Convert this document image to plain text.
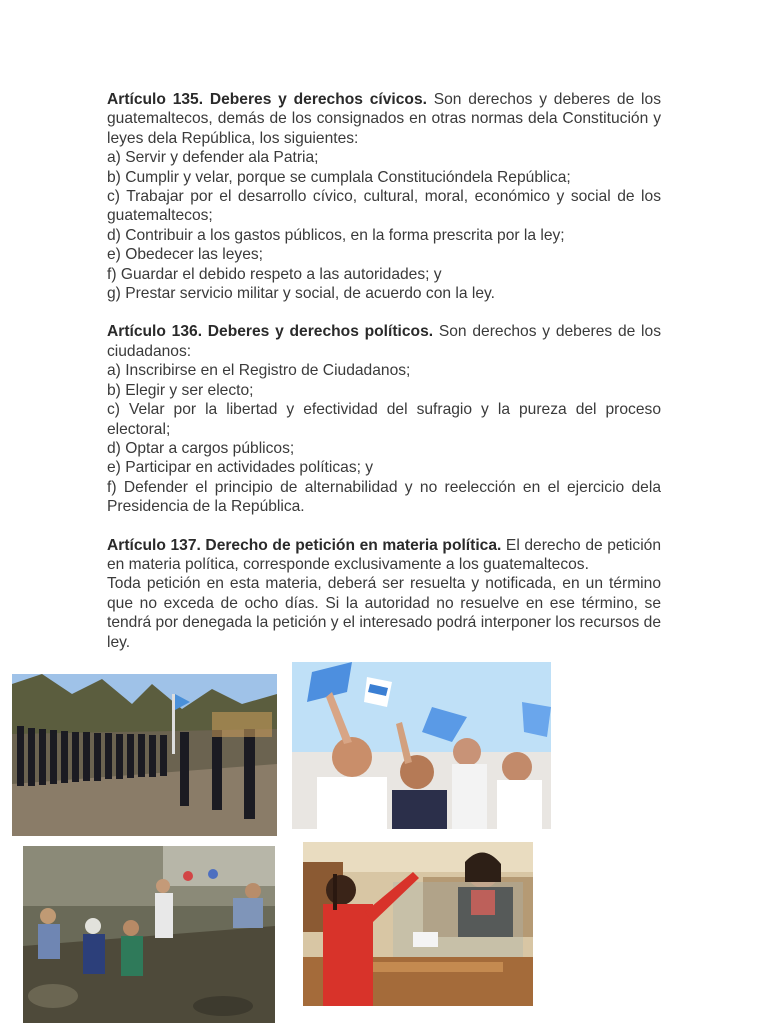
Artículo 135. Deberes y derechos cívicos. Son derechos y deberes de los guatemaltecos, demás de los consignados en otras normas dela Constitución y leyes dela República, los siguientes:

a) Servir y defender ala Patria;

b) Cumplir y velar, porque se cumplala Constitucióndela República;

c) Trabajar por el desarrollo cívico, cultural, moral, económico y social de los guatemaltecos;

d) Contribuir a los gastos públicos, en la forma prescrita por la ley;

e) Obedecer las leyes;

f) Guardar el debido respeto a las autoridades; y

g) Prestar servicio militar y social, de acuerdo con la ley.

Artículo 136. Deberes y derechos políticos. Son derechos y deberes de los ciudadanos:

a) Inscribirse en el Registro de Ciudadanos;

b) Elegir y ser electo;

c) Velar por la libertad y efectividad del sufragio y la pureza del proceso electoral;

d) Optar a cargos públicos;

e) Participar en actividades políticas; y

f) Defender el principio de alternabilidad y no reelección en el ejercicio dela Presidencia de la República.

Artículo 137. Derecho de petición en materia política. El derecho de petición en materia política, corresponde exclusivamente a los guatemaltecos.

Toda petición en esta materia, deberá ser resuelta y notificada, en un término que no exceda de ocho días. Si la autoridad no resuelve en ese término, se tendrá por denegada la petición y el interesado podrá interponer los recursos de ley.
